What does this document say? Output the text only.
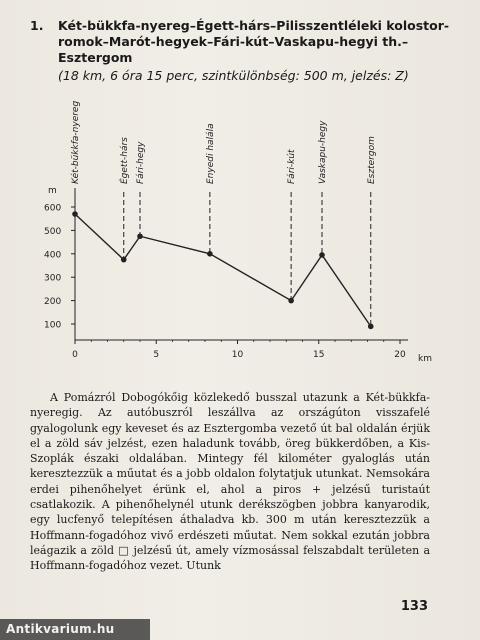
1. Két-bükkfa-nyereg–Égett-hárs–Pilisszentléleki kolostor-romok–Marót-hegyek–Fári-kút–Vaskapu-hegyi th.–Esztergom
(18 km, 6 óra 15 perc, szintkülönbség: 500 m, jelzés: Z)
m
km
100
200
300
400
500
600
0	5	10	15	20
Két-bükkfa-nyereg	Égett-hárs Fári-hegy	Enyedi halála	Fári-kút Vaskapu-hegy	Esztergom

A Pomázról Dobogókőig közlekedő busszal utazunk a Két-bükkfa-nyeregig. Az autóbuszról leszállva az országúton visszafelé gyalogolunk egy keveset és az Esztergomba vezető út bal oldalán érjük el a zöld sáv jelzést, ezen haladunk tovább, öreg bükkerdőben, a Kis-Szoplák északi oldalában. Mintegy fél kilométer gyaloglás után keresztezzük a műutat és a jobb oldalon folytatjuk utunkat. Nemsokára erdei pihenőhelyet érünk el, ahol a piros + jelzésű turistaút csatlakozik. A pihenőhelynél utunk derékszögben jobbra kanyarodik, egy lucfenyő telepítésen áthaladva kb. 300 m után keresztezzük a Hoffmann-fogadóhoz vivő erdészeti műutat. Nem sokkal ezután jobbra leágazik a zöld □ jelzésű út, amely vízmosással felszabdalt területen a Hoffmann-fogadóhoz vezet. Utunk

133
Antikvarium.hu
